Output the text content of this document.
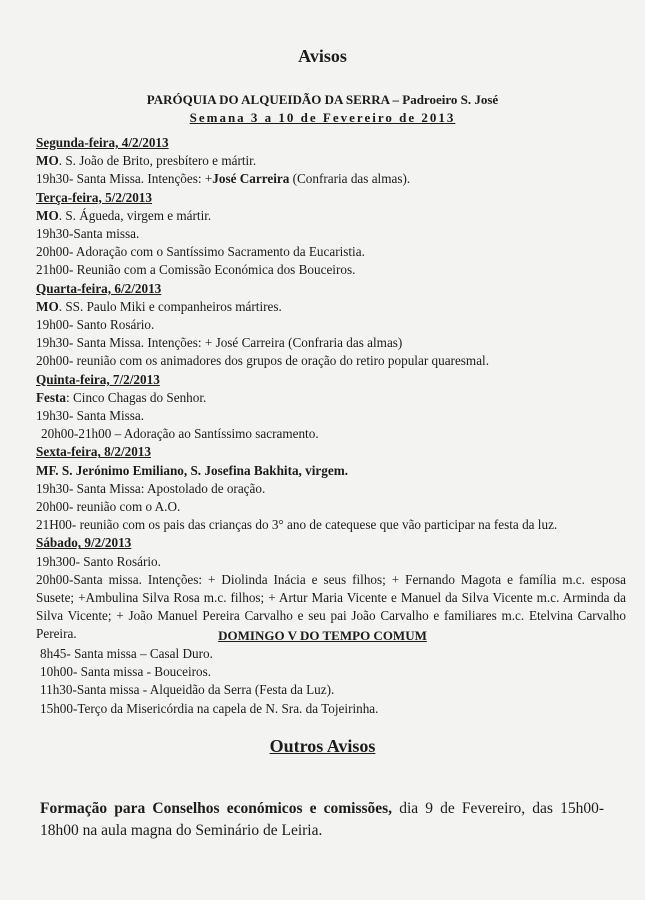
Avisos
PARÓQUIA DO ALQUEIDÃO DA SERRA – Padroeiro S. José
Semana 3 a 10 de Fevereiro de 2013
Segunda-feira, 4/2/2013
MO. S. João de Brito, presbítero e mártir.
19h30- Santa Missa. Intenções: +José Carreira (Confraria das almas).
Terça-feira, 5/2/2013
MO. S. Águeda, virgem e mártir.
19h30-Santa missa.
20h00- Adoração com o Santíssimo Sacramento da Eucaristia.
21h00- Reunião com a Comissão Económica dos Bouceiros.
Quarta-feira, 6/2/2013
MO. SS. Paulo Miki e companheiros mártires.
19h00- Santo Rosário.
19h30- Santa Missa. Intenções: + José Carreira (Confraria das almas)
20h00- reunião com os animadores dos grupos de oração do retiro popular quaresmal.
Quinta-feira, 7/2/2013
Festa: Cinco Chagas do Senhor.
19h30- Santa Missa.
20h00-21h00 – Adoração ao Santíssimo sacramento.
Sexta-feira, 8/2/2013
MF. S. Jerónimo Emiliano, S. Josefina Bakhita, virgem.
19h30- Santa Missa: Apostolado de oração.
20h00- reunião com o A.O.
21H00- reunião com os pais das crianças do 3° ano de catequese que vão participar na festa da luz.
Sábado, 9/2/2013
19h300- Santo Rosário.
20h00-Santa missa. Intenções: + Diolinda Inácia e seus filhos; + Fernando Magota e família m.c. esposa Susete; +Ambulina Silva Rosa m.c. filhos; + Artur Maria Vicente e Manuel da Silva Vicente m.c. Arminda da Silva Vicente; + João Manuel Pereira Carvalho e seu pai João Carvalho e familiares m.c. Etelvina Carvalho Pereira.	DOMINGO V DO TEMPO COMUM
8h45- Santa missa – Casal Duro.
10h00- Santa missa - Bouceiros.
11h30-Santa missa - Alqueidão da Serra (Festa da Luz).
15h00-Terço da Misericórdia na capela de N. Sra. da Tojeirinha.
Outros Avisos
Formação para Conselhos económicos e comissões, dia 9 de Fevereiro, das 15h00-18h00 na aula magna do Seminário de Leiria.
